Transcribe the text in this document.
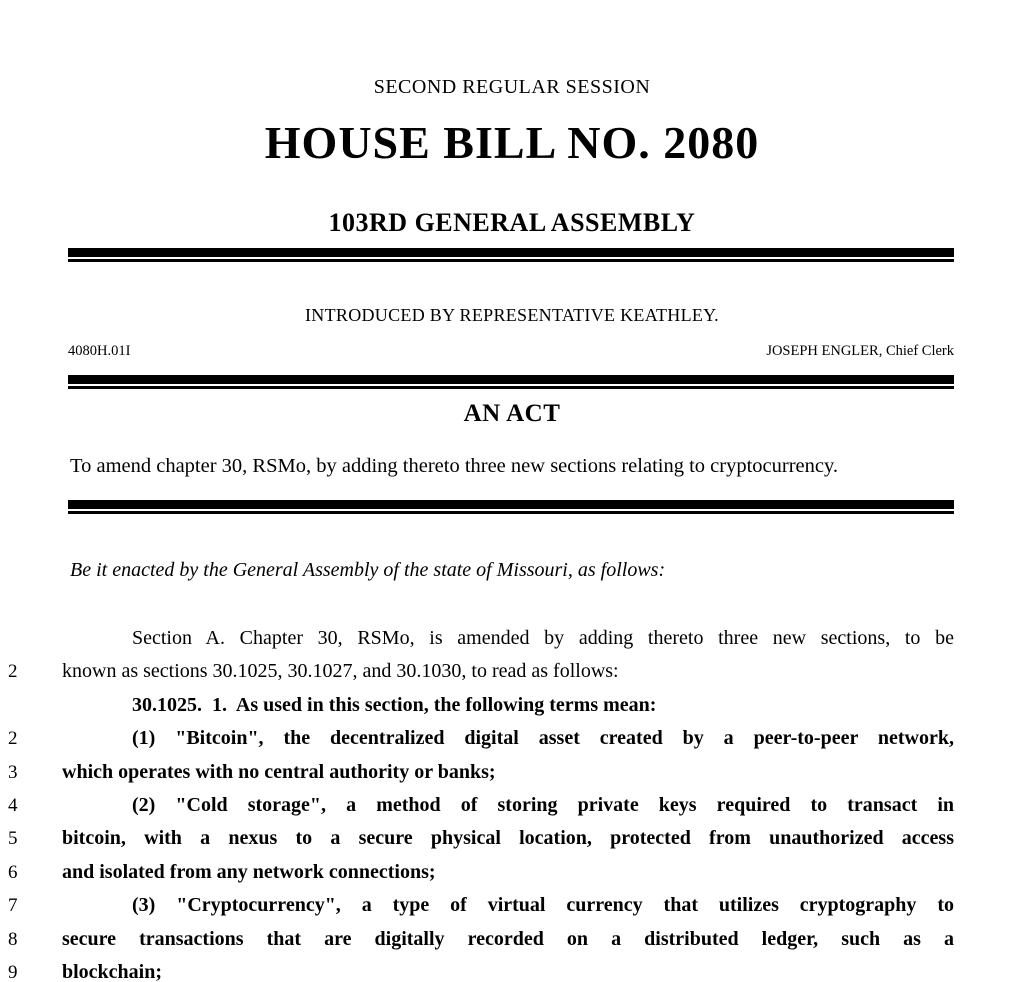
SECOND REGULAR SESSION
HOUSE BILL NO. 2080
103RD GENERAL ASSEMBLY
INTRODUCED BY REPRESENTATIVE KEATHLEY.
4080H.01I	JOSEPH ENGLER, Chief Clerk
AN ACT
To amend chapter 30, RSMo, by adding thereto three new sections relating to cryptocurrency.
Be it enacted by the General Assembly of the state of Missouri, as follows:
Section A. Chapter 30, RSMo, is amended by adding thereto three new sections, to be
2	known as sections 30.1025, 30.1027, and 30.1030, to read as follows:
30.1025.  1.  As used in this section, the following terms mean:
2	(1) "Bitcoin", the decentralized digital asset created by a peer-to-peer network,
3	which operates with no central authority or banks;
4	(2) "Cold storage", a method of storing private keys required to transact in
5	bitcoin, with a nexus to a secure physical location, protected from unauthorized access
6	and isolated from any network connections;
7	(3) "Cryptocurrency", a type of virtual currency that utilizes cryptography to
8	secure transactions that are digitally recorded on a distributed ledger, such as a
9	blockchain;
